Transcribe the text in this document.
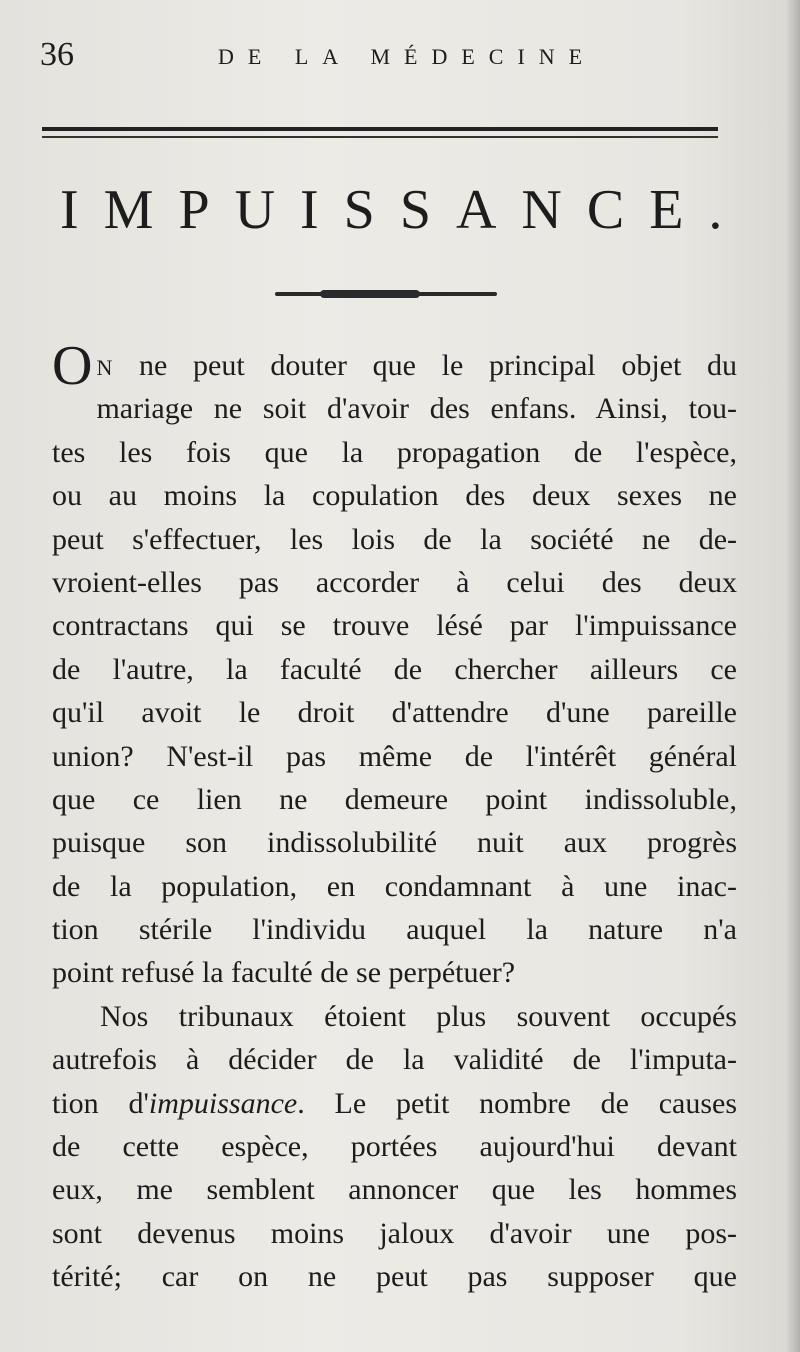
36	DE LA MÉDECINE
IMPUISSANCE.
O N ne peut douter que le principal objet du
mariage ne soit d'avoir des enfans. Ainsi, tou-
tes les fois que la propagation de l'espèce,
ou au moins la copulation des deux sexes ne
peut s'effectuer, les lois de la société ne de-
vroient-elles pas accorder à celui des deux
contractans qui se trouve lésé par l'impuissance
de l'autre, la faculté de chercher ailleurs ce
qu'il avoit le droit d'attendre d'une pareille
union? N'est-il pas même de l'intérêt général
que ce lien ne demeure point indissoluble,
puisque son indissolubilité nuit aux progrès
de la population, en condamnant à une inac-
tion stérile l'individu auquel la nature n'a
point refusé la faculté de se perpétuer?
Nos tribunaux étoient plus souvent occupés
autrefois à décider de la validité de l'imputa-
tion d'impuissance. Le petit nombre de causes
de cette espèce, portées aujourd'hui devant
eux, me semblent annoncer que les hommes
sont devenus moins jaloux d'avoir une pos-
térité; car on ne peut pas supposer que
